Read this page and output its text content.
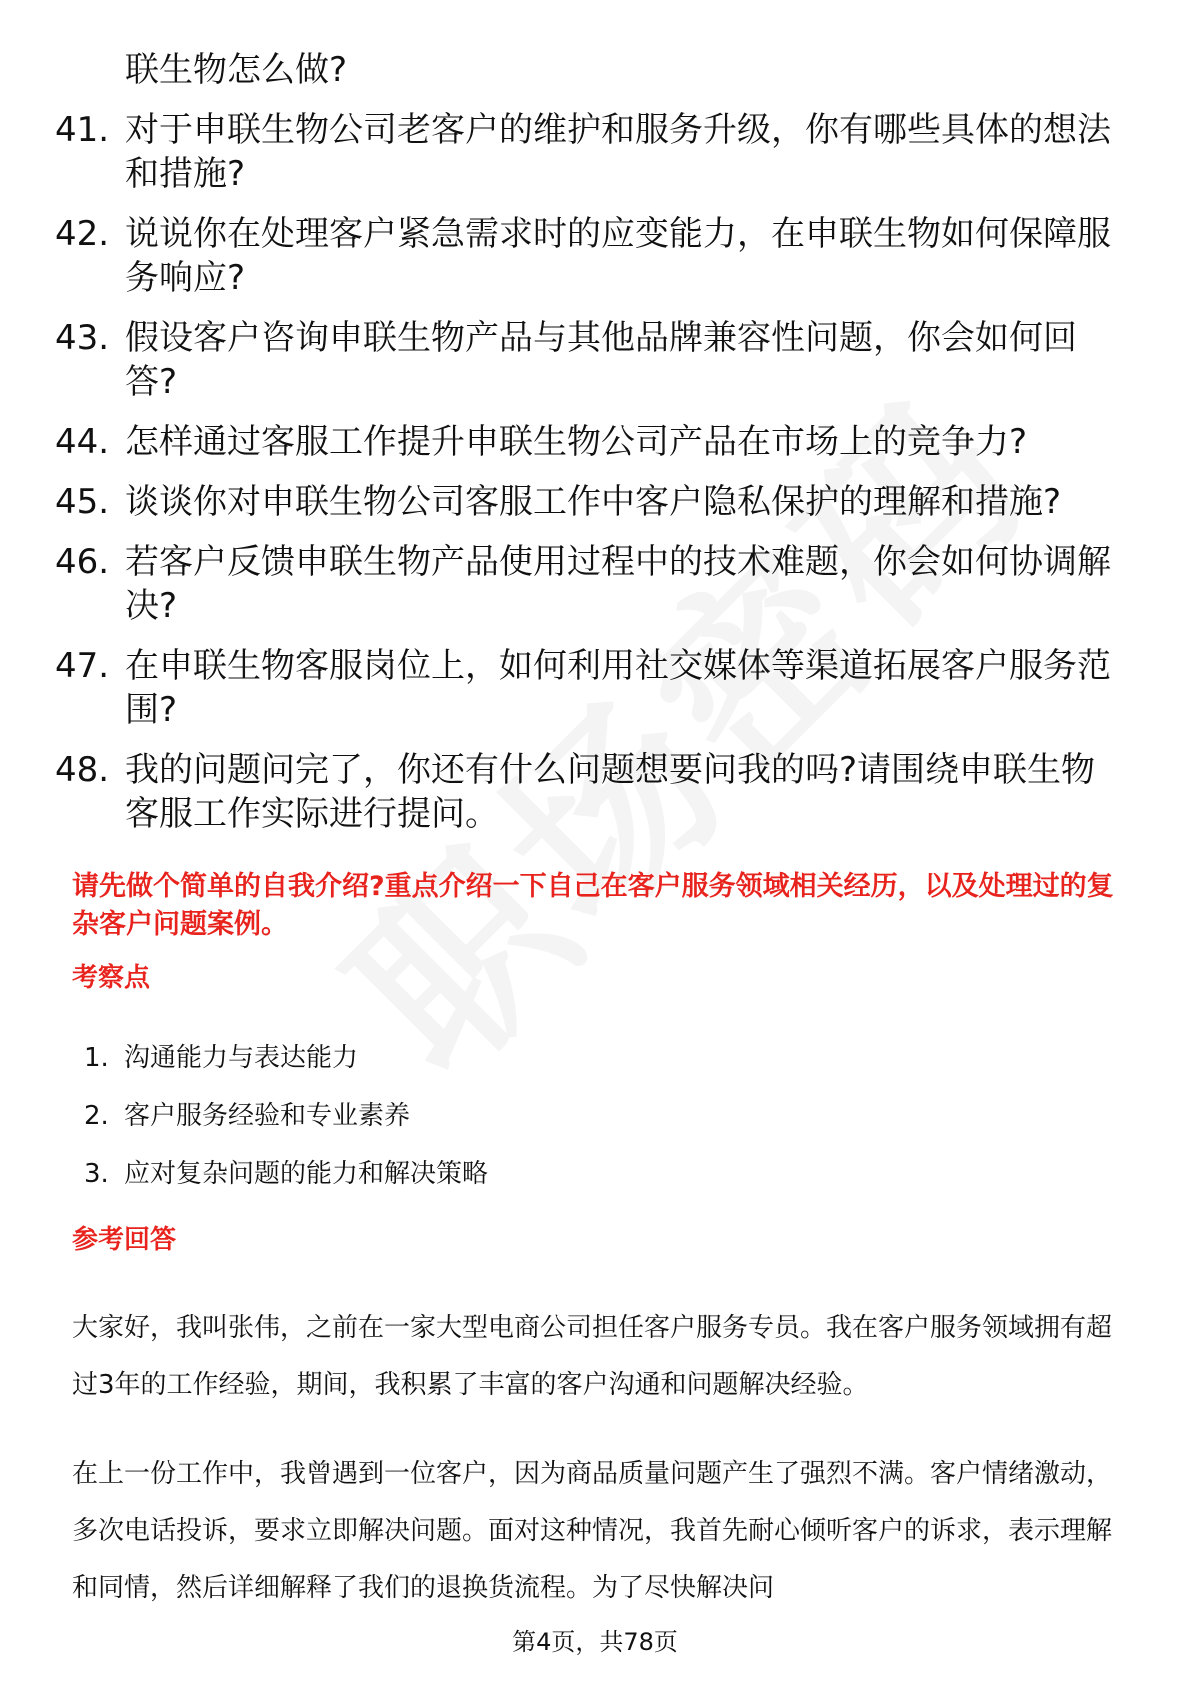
联生物怎么做?
41. 对于申联生物公司老客户的维护和服务升级，你有哪些具体的想法和措施?
42. 说说你在处理客户紧急需求时的应变能力，在申联生物如何保障服务响应?
43. 假设客户咨询申联生物产品与其他品牌兼容性问题，你会如何回答?
44. 怎样通过客服工作提升申联生物公司产品在市场上的竞争力?
45. 谈谈你对申联生物公司客服工作中客户隐私保护的理解和措施?
46. 若客户反馈申联生物产品使用过程中的技术难题，你会如何协调解决?
47. 在申联生物客服岗位上，如何利用社交媒体等渠道拓展客户服务范围?
48. 我的问题问完了，你还有什么问题想要问我的吗?请围绕申联生物客服工作实际进行提问。
请先做个简单的自我介绍?重点介绍一下自己在客户服务领域相关经历，以及处理过的复杂客户问题案例。
考察点
1. 沟通能力与表达能力
2. 客户服务经验和专业素养
3. 应对复杂问题的能力和解决策略
参考回答
大家好，我叫张伟，之前在一家大型电商公司担任客户服务专员。我在客户服务领域拥有超过3年的工作经验，期间，我积累了丰富的客户沟通和问题解决经验。
在上一份工作中，我曾遇到一位客户，因为商品质量问题产生了强烈不满。客户情绪激动，多次电话投诉，要求立即解决问题。面对这种情况，我首先耐心倾听客户的诉求，表示理解和同情，然后详细解释了我们的退换货流程。为了尽快解决问
第4页，共78页
